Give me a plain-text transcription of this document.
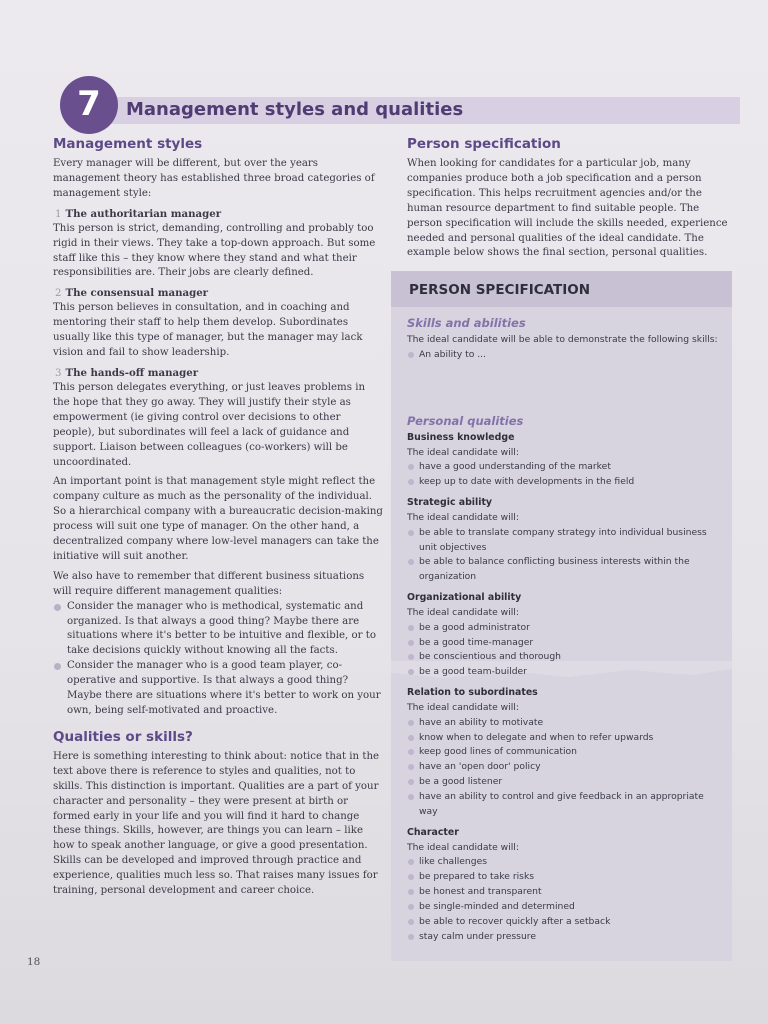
7	Management styles and qualities
Management styles
Every manager will be different, but over the years management theory has established three broad categories of management style:
1 The authoritarian manager
This person is strict, demanding, controlling and probably too rigid in their views. They take a top-down approach. But some staff like this – they know where they stand and what their responsibilities are. Their jobs are clearly defined.
2 The consensual manager
This person believes in consultation, and in coaching and mentoring their staff to help them develop. Subordinates usually like this type of manager, but the manager may lack vision and fail to show leadership.
3 The hands-off manager
This person delegates everything, or just leaves problems in the hope that they go away. They will justify their style as empowerment (ie giving control over decisions to other people), but subordinates will feel a lack of guidance and support. Liaison between colleagues (co-workers) will be uncoordinated.
An important point is that management style might reflect the company culture as much as the personality of the individual. So a hierarchical company with a bureaucratic decision-making process will suit one type of manager. On the other hand, a decentralized company where low-level managers can take the initiative will suit another.
We also have to remember that different business situations will require different management qualities:
Consider the manager who is methodical, systematic and organized. Is that always a good thing? Maybe there are situations where it's better to be intuitive and flexible, or to take decisions quickly without knowing all the facts.
Consider the manager who is a good team player, co-operative and supportive. Is that always a good thing? Maybe there are situations where it's better to work on your own, being self-motivated and proactive.
Qualities or skills?
Here is something interesting to think about: notice that in the text above there is reference to styles and qualities, not to skills. This distinction is important. Qualities are a part of your character and personality – they were present at birth or formed early in your life and you will find it hard to change these things. Skills, however, are things you can learn – like how to speak another language, or give a good presentation. Skills can be developed and improved through practice and experience, qualities much less so. That raises many issues for training, personal development and career choice.
Person specification
When looking for candidates for a particular job, many companies produce both a job specification and a person specification. This helps recruitment agencies and/or the human resource department to find suitable people. The person specification will include the skills needed, experience needed and personal qualities of the ideal candidate. The example below shows the final section, personal qualities.
PERSON SPECIFICATION
Skills and abilities
The ideal candidate will be able to demonstrate the following skills:
An ability to ...
Personal qualities
Business knowledge
The ideal candidate will:
have a good understanding of the market
keep up to date with developments in the field
Strategic ability
The ideal candidate will:
be able to translate company strategy into individual business unit objectives
be able to balance conflicting business interests within the organization
Organizational ability
The ideal candidate will:
be a good administrator
be a good time-manager
be conscientious and thorough
be a good team-builder
Relation to subordinates
The ideal candidate will:
have an ability to motivate
know when to delegate and when to refer upwards
keep good lines of communication
have an 'open door' policy
be a good listener
have an ability to control and give feedback in an appropriate way
Character
The ideal candidate will:
like challenges
be prepared to take risks
be honest and transparent
be single-minded and determined
be able to recover quickly after a setback
stay calm under pressure
18
